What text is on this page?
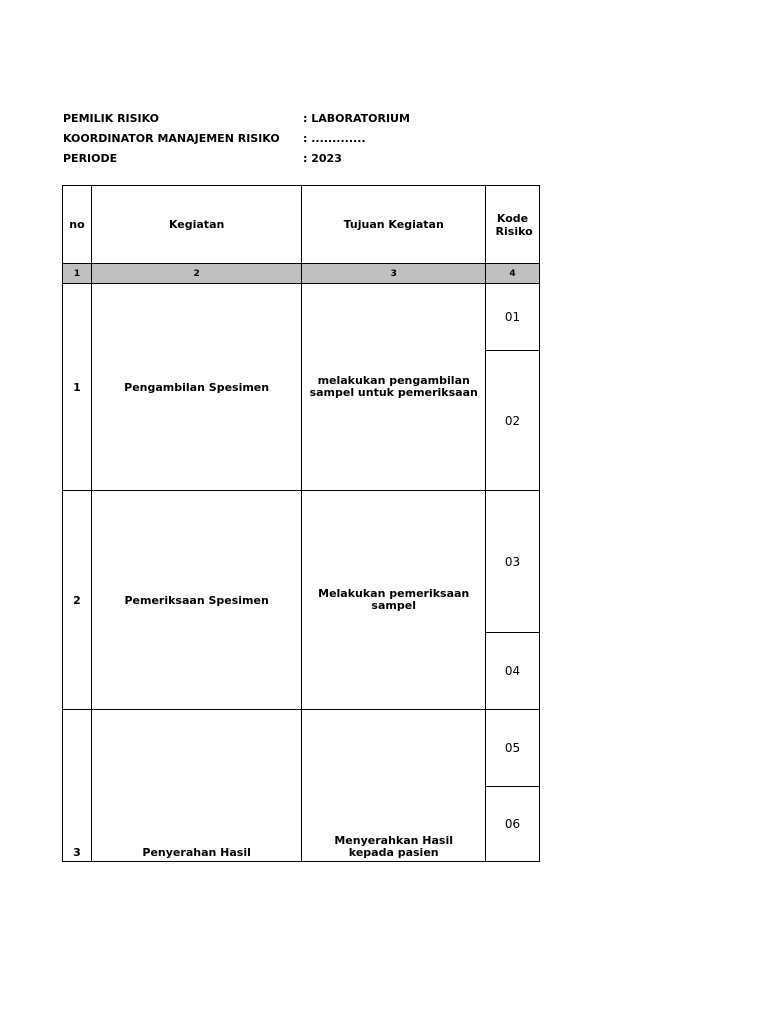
PEMILIK RISIKO	: LABORATORIUM
KOORDINATOR MANAJEMEN RISIKO	: .............
PERIODE	: 2023
no	Kegiatan	Tujuan Kegiatan	Kode Risiko
1	2	3	4
1	Pengambilan Spesimen	melakukan pengambilan sampel untuk pemeriksaan	01
			02
2	Pemeriksaan Spesimen	Melakukan pemeriksaan sampel	03
			04
3	Penyerahan Hasil	Menyerahkan Hasil kepada pasien	05
			06
